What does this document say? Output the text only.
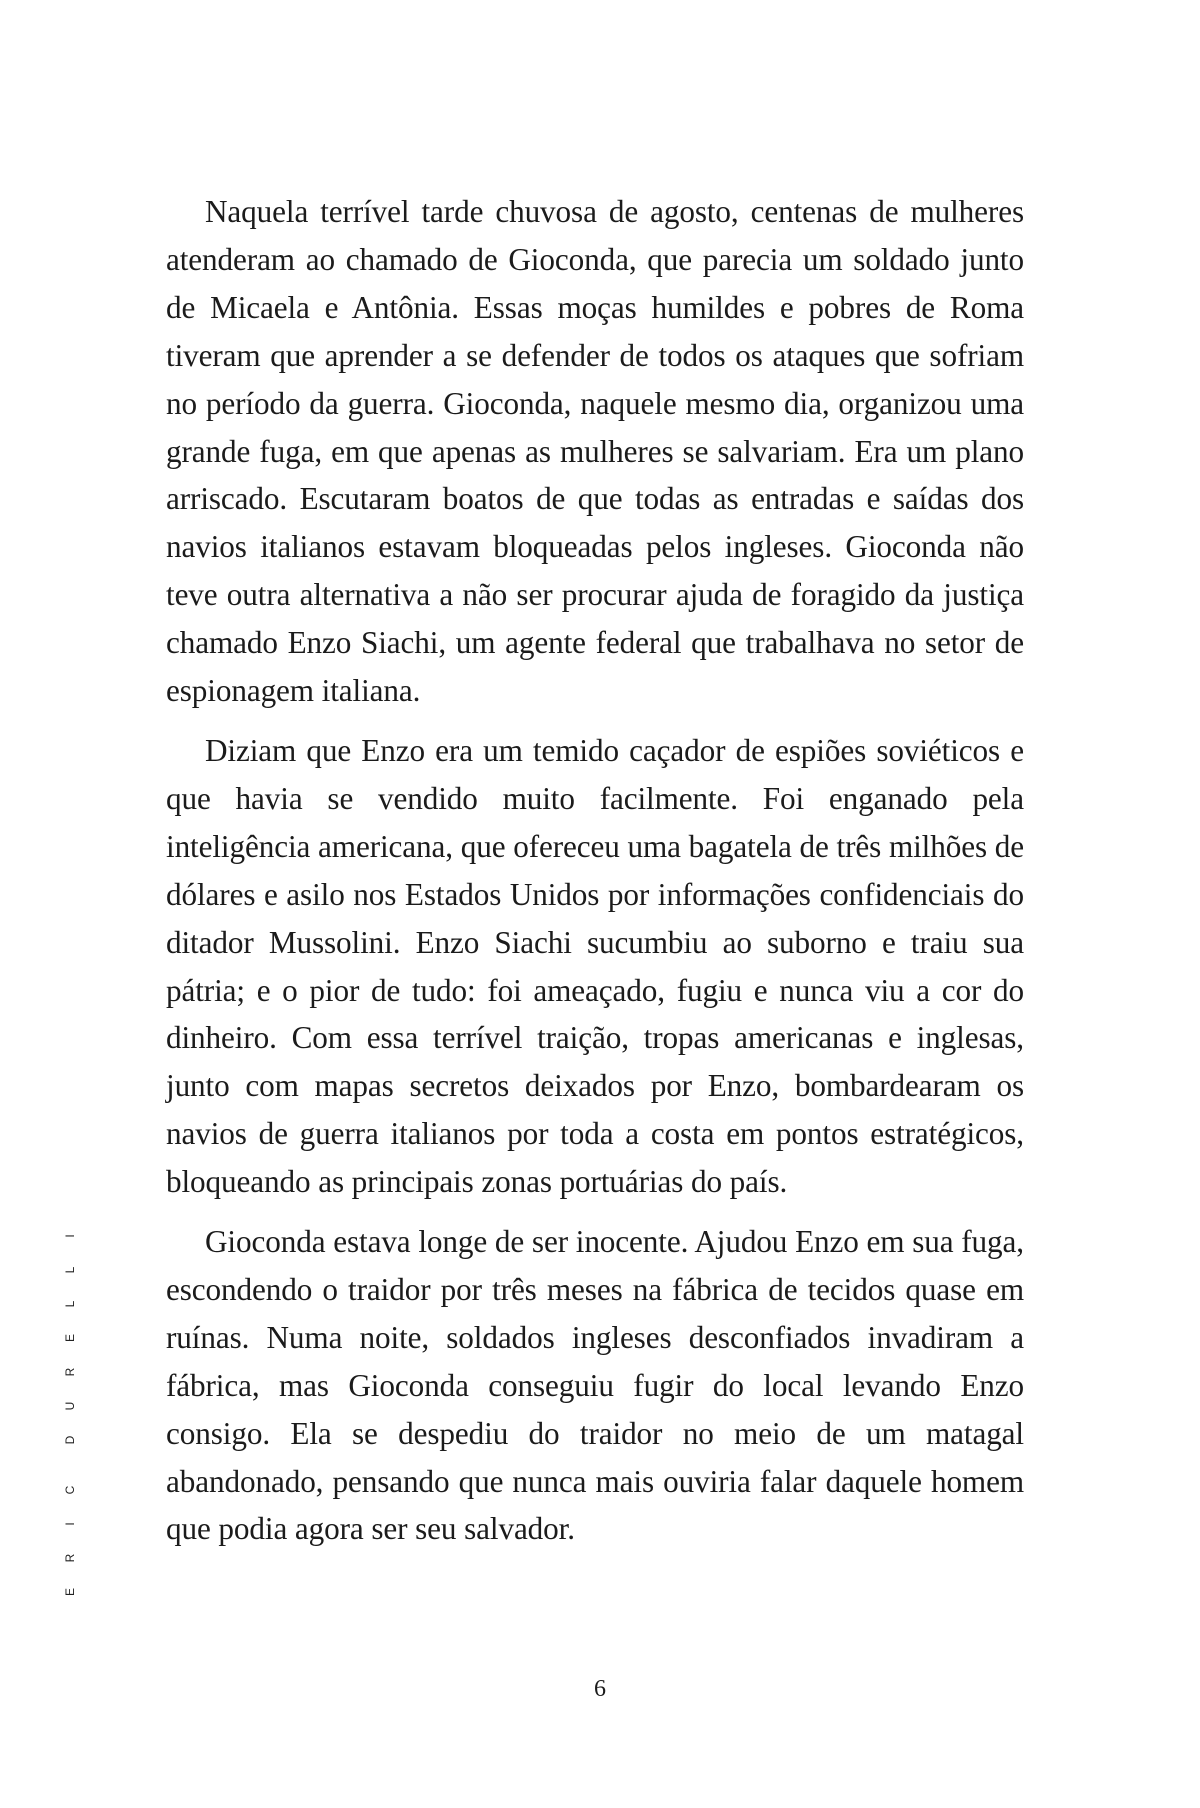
Naquela terrível tarde chuvosa de agosto, centenas de mulheres atenderam ao chamado de Gioconda, que parecia um soldado junto de Micaela e Antônia. Essas moças humildes e pobres de Roma tiveram que aprender a se defender de todos os ataques que sofriam no período da guerra. Gioconda, naquele mesmo dia, organizou uma grande fuga, em que apenas as mulheres se salvariam. Era um plano arriscado. Escutaram boatos de que todas as entradas e saídas dos navios italianos estavam bloqueadas pelos ingleses. Gioconda não teve outra alternativa a não ser procurar ajuda de foragido da justiça chamado Enzo Siachi, um agente federal que trabalhava no setor de espionagem italiana.

Diziam que Enzo era um temido caçador de espiões soviéticos e que havia se vendido muito facilmente. Foi enganado pela inteligência americana, que ofereceu uma bagatela de três milhões de dólares e asilo nos Estados Unidos por informações confidenciais do ditador Mussolini. Enzo Siachi sucumbiu ao suborno e traiu sua pátria; e o pior de tudo: foi ameaçado, fugiu e nunca viu a cor do dinheiro. Com essa terrível traição, tropas americanas e inglesas, junto com mapas secretos deixados por Enzo, bombardearam os navios de guerra italianos por toda a costa em pontos estratégicos, bloqueando as principais zonas portuárias do país.

Gioconda estava longe de ser inocente. Ajudou Enzo em sua fuga, escondendo o traidor por três meses na fábrica de tecidos quase em ruínas. Numa noite, soldados ingleses desconfiados invadiram a fábrica, mas Gioconda conseguiu fugir do local levando Enzo consigo. Ela se despediu do traidor no meio de um matagal abandonado, pensando que nunca mais ouviria falar daquele homem que podia agora ser seu salvador.

E
R
I
C
D
U
R
E
L
L
I
6
